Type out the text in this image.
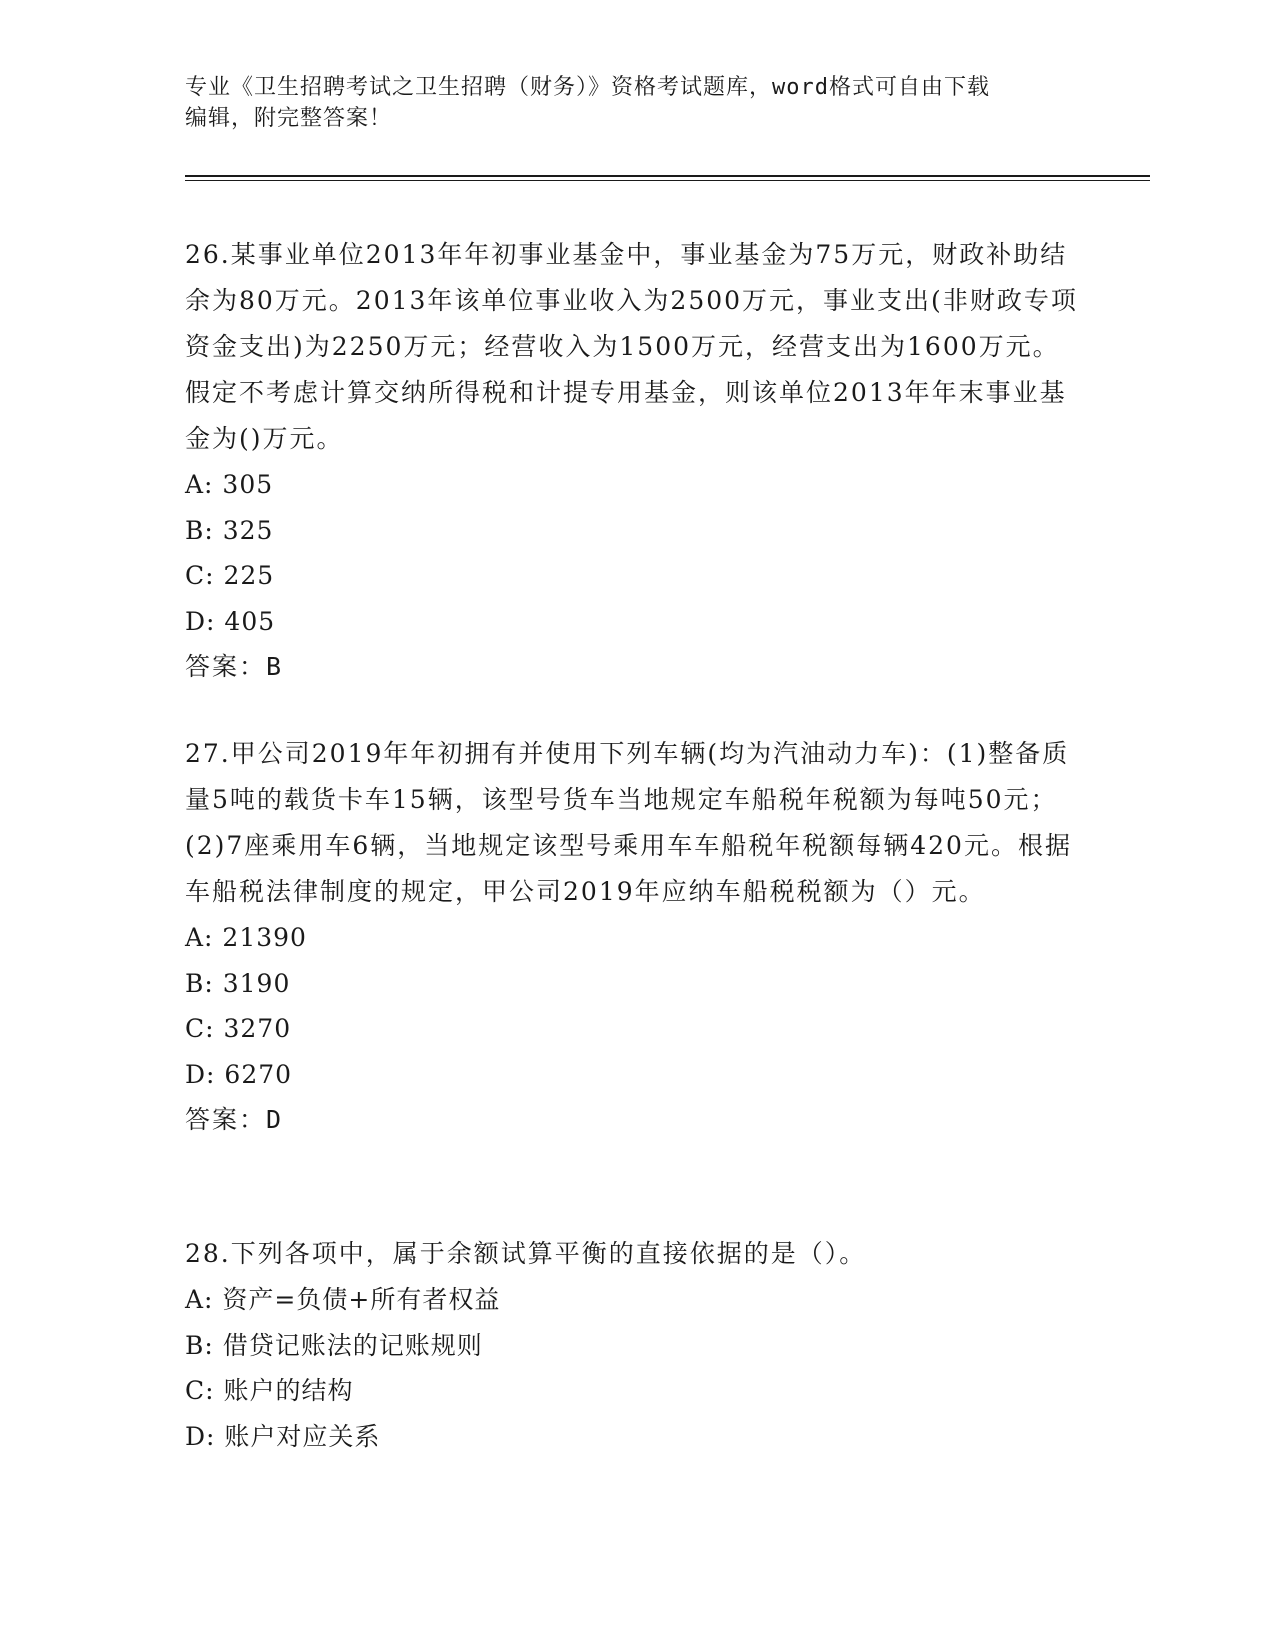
专业《卫生招聘考试之卫生招聘（财务）》资格考试题库，word格式可自由下载
编辑，附完整答案！

26.某事业单位2013年年初事业基金中，事业基金为75万元，财政补助结余为80万元。2013年该单位事业收入为2500万元，事业支出(非财政专项资金支出)为2250万元；经营收入为1500万元，经营支出为1600万元。假定不考虑计算交纳所得税和计提专用基金，则该单位2013年年末事业基金为()万元。

A: 305

B: 325

C: 225

D: 405

答案：B

27.甲公司2019年年初拥有并使用下列车辆(均为汽油动力车)：(1)整备质量5吨的载货卡车15辆，该型号货车当地规定车船税年税额为每吨50元；(2)7座乘用车6辆，当地规定该型号乘用车车船税年税额每辆420元。根据车船税法律制度的规定，甲公司2019年应纳车船税税额为（）元。

A: 21390

B: 3190

C: 3270

D: 6270

答案：D

28.下列各项中，属于余额试算平衡的直接依据的是（）。

A: 资产=负债+所有者权益

B: 借贷记账法的记账规则

C: 账户的结构

D: 账户对应关系
